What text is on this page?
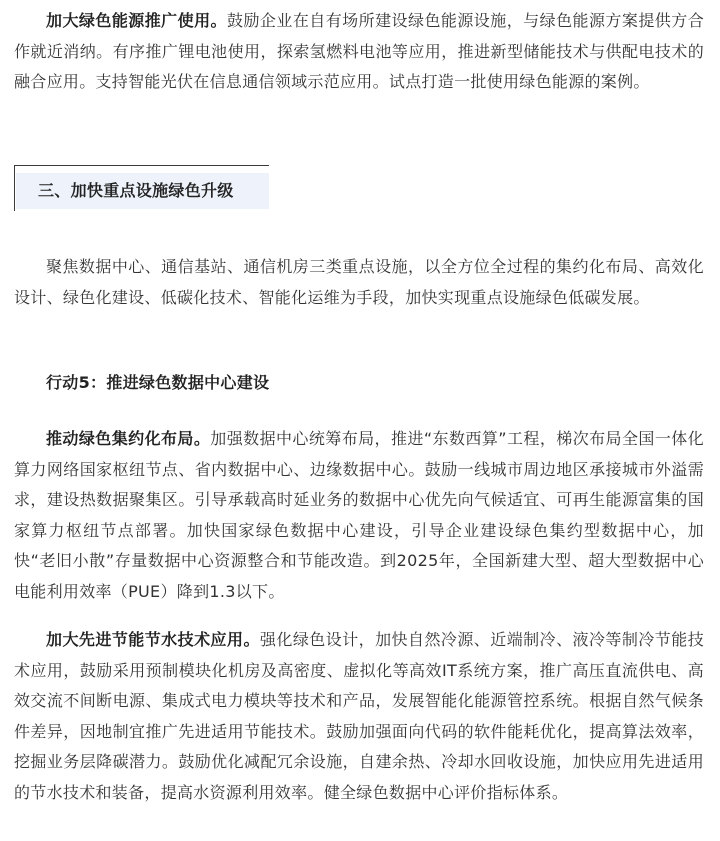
加大绿色能源推广使用。鼓励企业在自有场所建设绿色能源设施，与绿色能源方案提供方合作就近消纳。有序推广锂电池使用，探索氢燃料电池等应用，推进新型储能技术与供配电技术的融合应用。支持智能光伏在信息通信领域示范应用。试点打造一批使用绿色能源的案例。

三、加快重点设施绿色升级

聚焦数据中心、通信基站、通信机房三类重点设施，以全方位全过程的集约化布局、高效化设计、绿色化建设、低碳化技术、智能化运维为手段，加快实现重点设施绿色低碳发展。

行动5：推进绿色数据中心建设

推动绿色集约化布局。加强数据中心统筹布局，推进“东数西算”工程，梯次布局全国一体化算力网络国家枢纽节点、省内数据中心、边缘数据中心。鼓励一线城市周边地区承接城市外溢需求，建设热数据聚集区。引导承载高时延业务的数据中心优先向气候适宜、可再生能源富集的国家算力枢纽节点部署。加快国家绿色数据中心建设，引导企业建设绿色集约型数据中心，加快“老旧小散”存量数据中心资源整合和节能改造。到2025年，全国新建大型、超大型数据中心电能利用效率（PUE）降到1.3以下。

加大先进节能节水技术应用。强化绿色设计，加快自然冷源、近端制冷、液冷等制冷节能技术应用，鼓励采用预制模块化机房及高密度、虚拟化等高效IT系统方案，推广高压直流供电、高效交流不间断电源、集成式电力模块等技术和产品，发展智能化能源管控系统。根据自然气候条件差异，因地制宜推广先进适用节能技术。鼓励加强面向代码的软件能耗优化，提高算法效率，挖掘业务层降碳潜力。鼓励优化减配冗余设施，自建余热、冷却水回收设施，加快应用先进适用的节水技术和装备，提高水资源利用效率。健全绿色数据中心评价指标体系。
